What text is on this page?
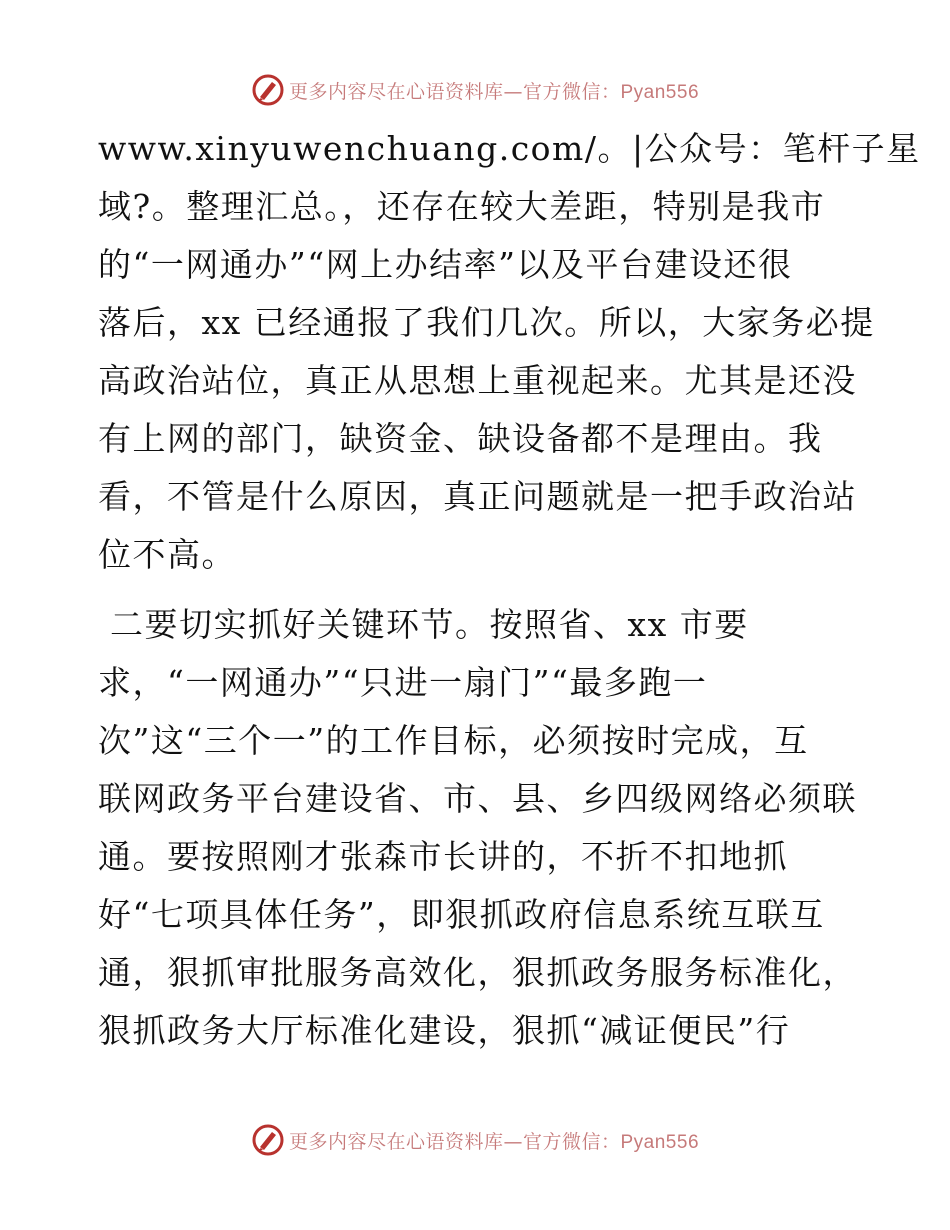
更多内容尽在心语资料库—官方微信：Pyan556
www.xinyuwenchuang.com/。|公众号：笔杆子星
域?。整理汇总。，还存在较大差距，特别是我市
的“一网通办”“网上办结率”以及平台建设还很
落后，xx 已经通报了我们几次。所以，大家务必提
高政治站位，真正从思想上重视起来。尤其是还没
有上网的部门，缺资金、缺设备都不是理由。我
看，不管是什么原因，真正问题就是一把手政治站
位不高。
二要切实抓好关键环节。按照省、xx 市要
求，“一网通办”“只进一扇门”“最多跑一
次”这“三个一”的工作目标，必须按时完成，互
联网政务平台建设省、市、县、乡四级网络必须联
通。要按照刚才张森市长讲的，不折不扣地抓
好“七项具体任务”，即狠抓政府信息系统互联互
通，狠抓审批服务高效化，狠抓政务服务标准化，
狠抓政务大厅标准化建设，狠抓“减证便民”行
更多内容尽在心语资料库—官方微信：Pyan556
